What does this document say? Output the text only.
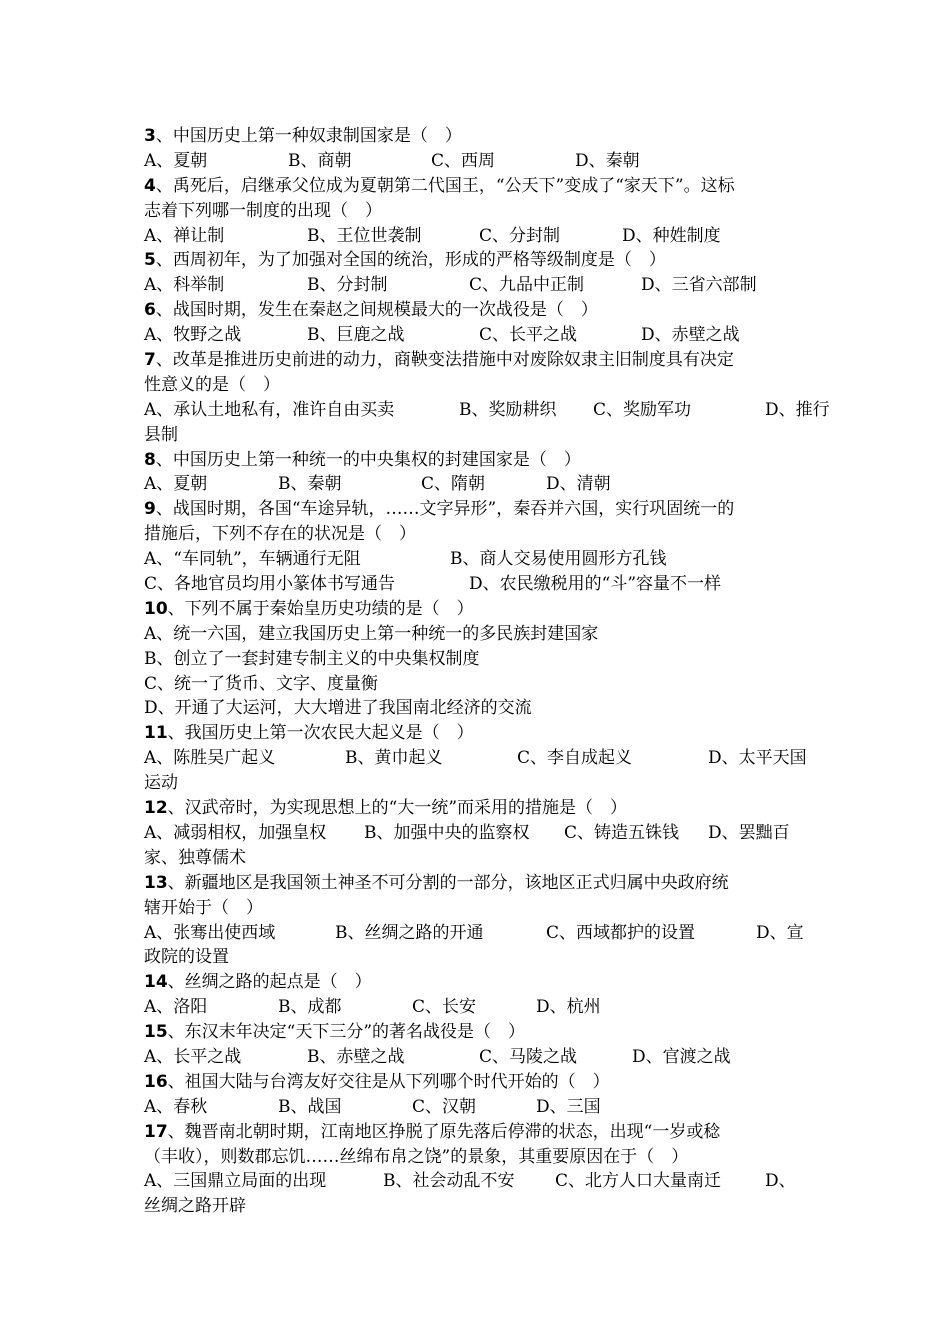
3、中国历史上第一种奴隶制国家是（　）
A、夏朝	B、商朝	C、西周	D、秦朝
4、禹死后，启继承父位成为夏朝第二代国王，“公天下”变成了“家天下”。这标
志着下列哪一制度的出现（　）
A、禅让制	B、王位世袭制	C、分封制	D、种姓制度
5、西周初年，为了加强对全国的统治，形成的严格等级制度是（　）
A、科举制	B、分封制	C、九品中正制	D、三省六部制
6、战国时期，发生在秦赵之间规模最大的一次战役是（　）
A、牧野之战	B、巨鹿之战	C、长平之战	D、赤壁之战
7、改革是推进历史前进的动力，商鞅变法措施中对废除奴隶主旧制度具有决定
性意义的是（　）
A、承认土地私有，准许自由买卖	B、奖励耕织 C、奖励军功	D、推行
县制
8、中国历史上第一种统一的中央集权的封建国家是（　）
A、夏朝	B、秦朝	C、隋朝	D、清朝
9、战国时期，各国“车途异轨，……文字异形”，秦吞并六国，实行巩固统一的
措施后，下列不存在的状况是（　）
A、“车同轨”，车辆通行无阻	B、商人交易使用圆形方孔钱
C、各地官员均用小篆体书写通告	D、农民缴税用的“斗”容量不一样
10、下列不属于秦始皇历史功绩的是（　）
A、统一六国，建立我国历史上第一种统一的多民族封建国家
B、创立了一套封建专制主义的中央集权制度
C、统一了货币、文字、度量衡
D、开通了大运河，大大增进了我国南北经济的交流
11、我国历史上第一次农民大起义是（　）
A、陈胜吴广起义	B、黄巾起义	C、李自成起义	D、太平天国
运动
12、汉武帝时，为实现思想上的“大一统”而采用的措施是（　）
A、减弱相权，加强皇权 B、加强中央的监察权 C、铸造五铢钱 D、罢黜百
家、独尊儒术
13、新疆地区是我国领土神圣不可分割的一部分，该地区正式归属中央政府统
辖开始于（　）
A、张骞出使西域	B、丝绸之路的开通	C、西域都护的设置	D、宣
政院的设置
14、丝绸之路的起点是（　）
A、洛阳	B、成都	C、长安	D、杭州
15、东汉末年决定“天下三分”的著名战役是（　）
A、长平之战	B、赤壁之战	C、马陵之战	D、官渡之战
16、祖国大陆与台湾友好交往是从下列哪个时代开始的（　）
A、春秋	B、战国	C、汉朝	D、三国
17、魏晋南北朝时期，江南地区挣脱了原先落后停滞的状态，出现“一岁或稔
（丰收），则数郡忘饥……丝绵布帛之饶”的景象，其重要原因在于（　）
A、三国鼎立局面的出现	B、社会动乱不安 C、北方人口大量南迁	D、
丝绸之路开辟
